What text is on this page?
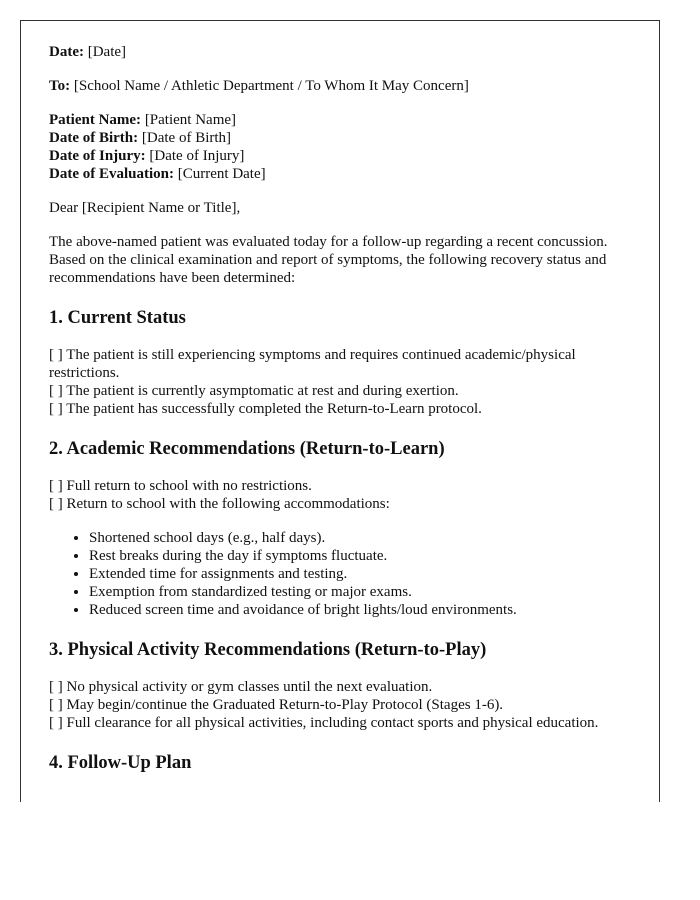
Date: [Date]

To: [School Name / Athletic Department / To Whom It May Concern]

Patient Name: [Patient Name]
Date of Birth: [Date of Birth]
Date of Injury: [Date of Injury]
Date of Evaluation: [Current Date]

Dear [Recipient Name or Title],

The above-named patient was evaluated today for a follow-up regarding a recent concussion. Based on the clinical examination and report of symptoms, the following recovery status and recommendations have been determined:

1. Current Status
[ ] The patient is still experiencing symptoms and requires continued academic/physical restrictions.
[ ] The patient is currently asymptomatic at rest and during exertion.
[ ] The patient has successfully completed the Return-to-Learn protocol.
2. Academic Recommendations (Return-to-Learn)
[ ] Full return to school with no restrictions.
[ ] Return to school with the following accommodations:
• Shortened school days (e.g., half days).
• Rest breaks during the day if symptoms fluctuate.
• Extended time for assignments and testing.
• Exemption from standardized testing or major exams.
• Reduced screen time and avoidance of bright lights/loud environments.
3. Physical Activity Recommendations (Return-to-Play)
[ ] No physical activity or gym classes until the next evaluation.
[ ] May begin/continue the Graduated Return-to-Play Protocol (Stages 1-6).
[ ] Full clearance for all physical activities, including contact sports and physical education.
4. Follow-Up Plan
